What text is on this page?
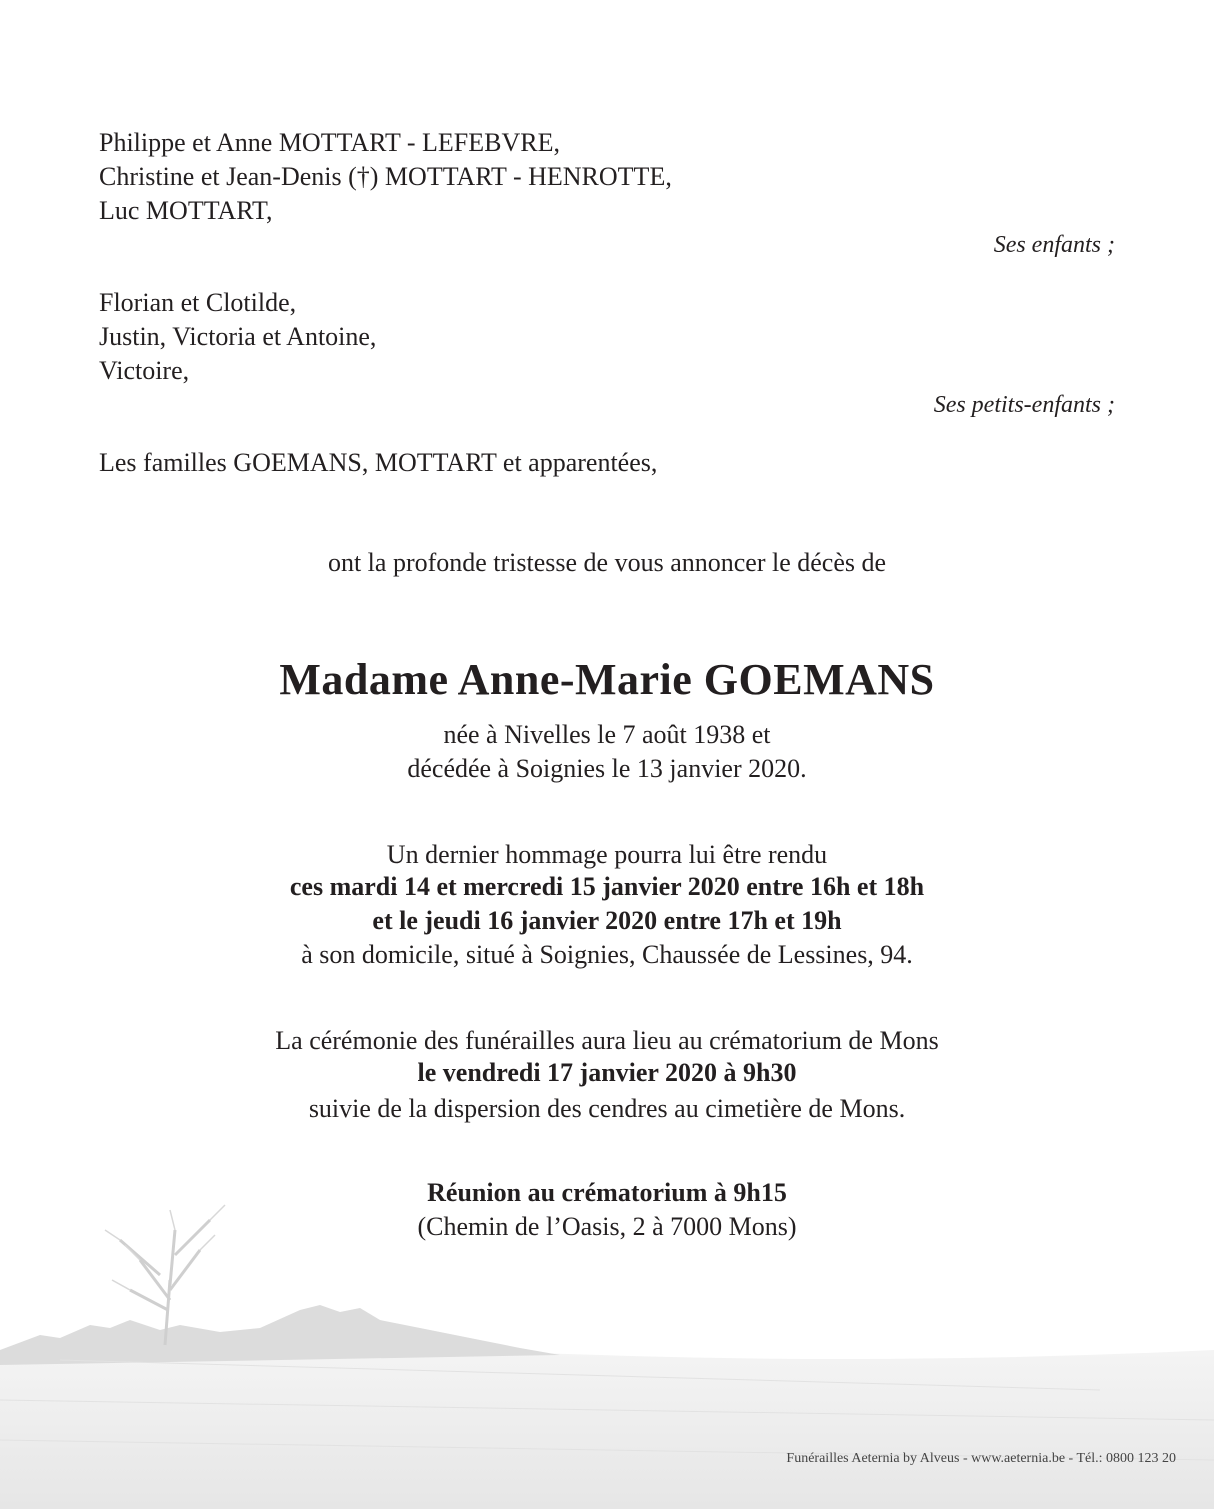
Philippe et Anne MOTTART - LEFEBVRE,
Christine et Jean-Denis (†) MOTTART - HENROTTE,
Luc MOTTART,
Ses enfants ;
Florian et Clotilde,
Justin, Victoria et Antoine,
Victoire,
Ses petits-enfants ;
Les familles GOEMANS, MOTTART et apparentées,
ont la profonde tristesse de vous annoncer le décès de
Madame Anne-Marie GOEMANS
née à Nivelles le 7 août 1938 et
décédée à Soignies le 13 janvier 2020.
Un dernier hommage pourra lui être rendu
ces mardi 14 et mercredi 15 janvier 2020 entre 16h et 18h
et le jeudi 16 janvier 2020 entre 17h et 19h
à son domicile, situé à Soignies, Chaussée de Lessines, 94.
La cérémonie des funérailles aura lieu au crématorium de Mons
le vendredi 17 janvier 2020 à 9h30
suivie de la dispersion des cendres au cimetière de Mons.
Réunion au crématorium à 9h15
(Chemin de l’Oasis, 2 à 7000 Mons)
Funérailles Aeternia by Alveus - www.aeternia.be - Tél.: 0800 123 20
